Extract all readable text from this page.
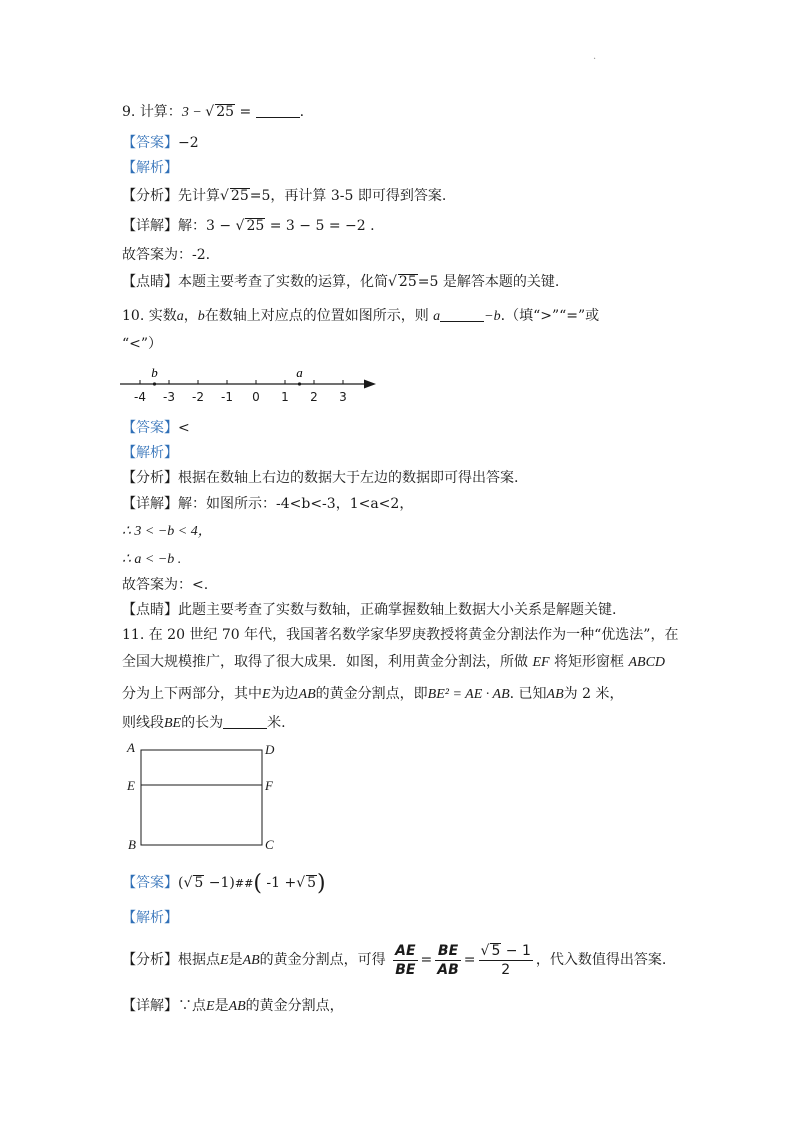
·
9. 计算：3 − √ 25 =	.
【答案】−2
【解析】
【分析】先计算√ 25=5，再计算 3-5 即可得到答案.
【详解】解：3 − √ 25 = 3 − 5 = −2 .
故答案为：-2.
【点睛】本题主要考查了实数的运算，化简√ 25=5 是解答本题的关键.
10. 实数a，b在数轴上对应点的位置如图所示，则 a	−b.（填“>”“=”或
“<”）
-4 -3 -2 -1 0 1 2 3
b	a
【答案】<
【解析】
【分析】根据在数轴上右边的数据大于左边的数据即可得出答案.
【详解】解：如图所示：-4<b<-3，1<a<2，
∴ 3 < −b < 4，
∴ a < −b .
故答案为：<.
【点睛】此题主要考查了实数与数轴，正确掌握数轴上数据大小关系是解题关键.
11. 在 20 世纪 70 年代，我国著名数学家华罗庚教授将黄金分割法作为一种“优选法”，在
全国大规模推广，取得了很大成果．如图，利用黄金分割法，所做 EF 将矩形窗框 ABCD
分为上下两部分，其中E为边AB的黄金分割点，即BE² = AE · AB. 已知AB为 2 米，
则线段BE的长为	米.
A	D
E	F
B	C
【答案】(√ 5 −1)##( -1 +√ 5)
【解析】
【分析】根据点E是AB的黄金分割点，可得 $\frac{AE}{BE} = \frac{BE}{AB} = \frac{√ 5 - 1}{2}$ ，代入数值得出答案.
【详解】∵点E是AB的黄金分割点，
